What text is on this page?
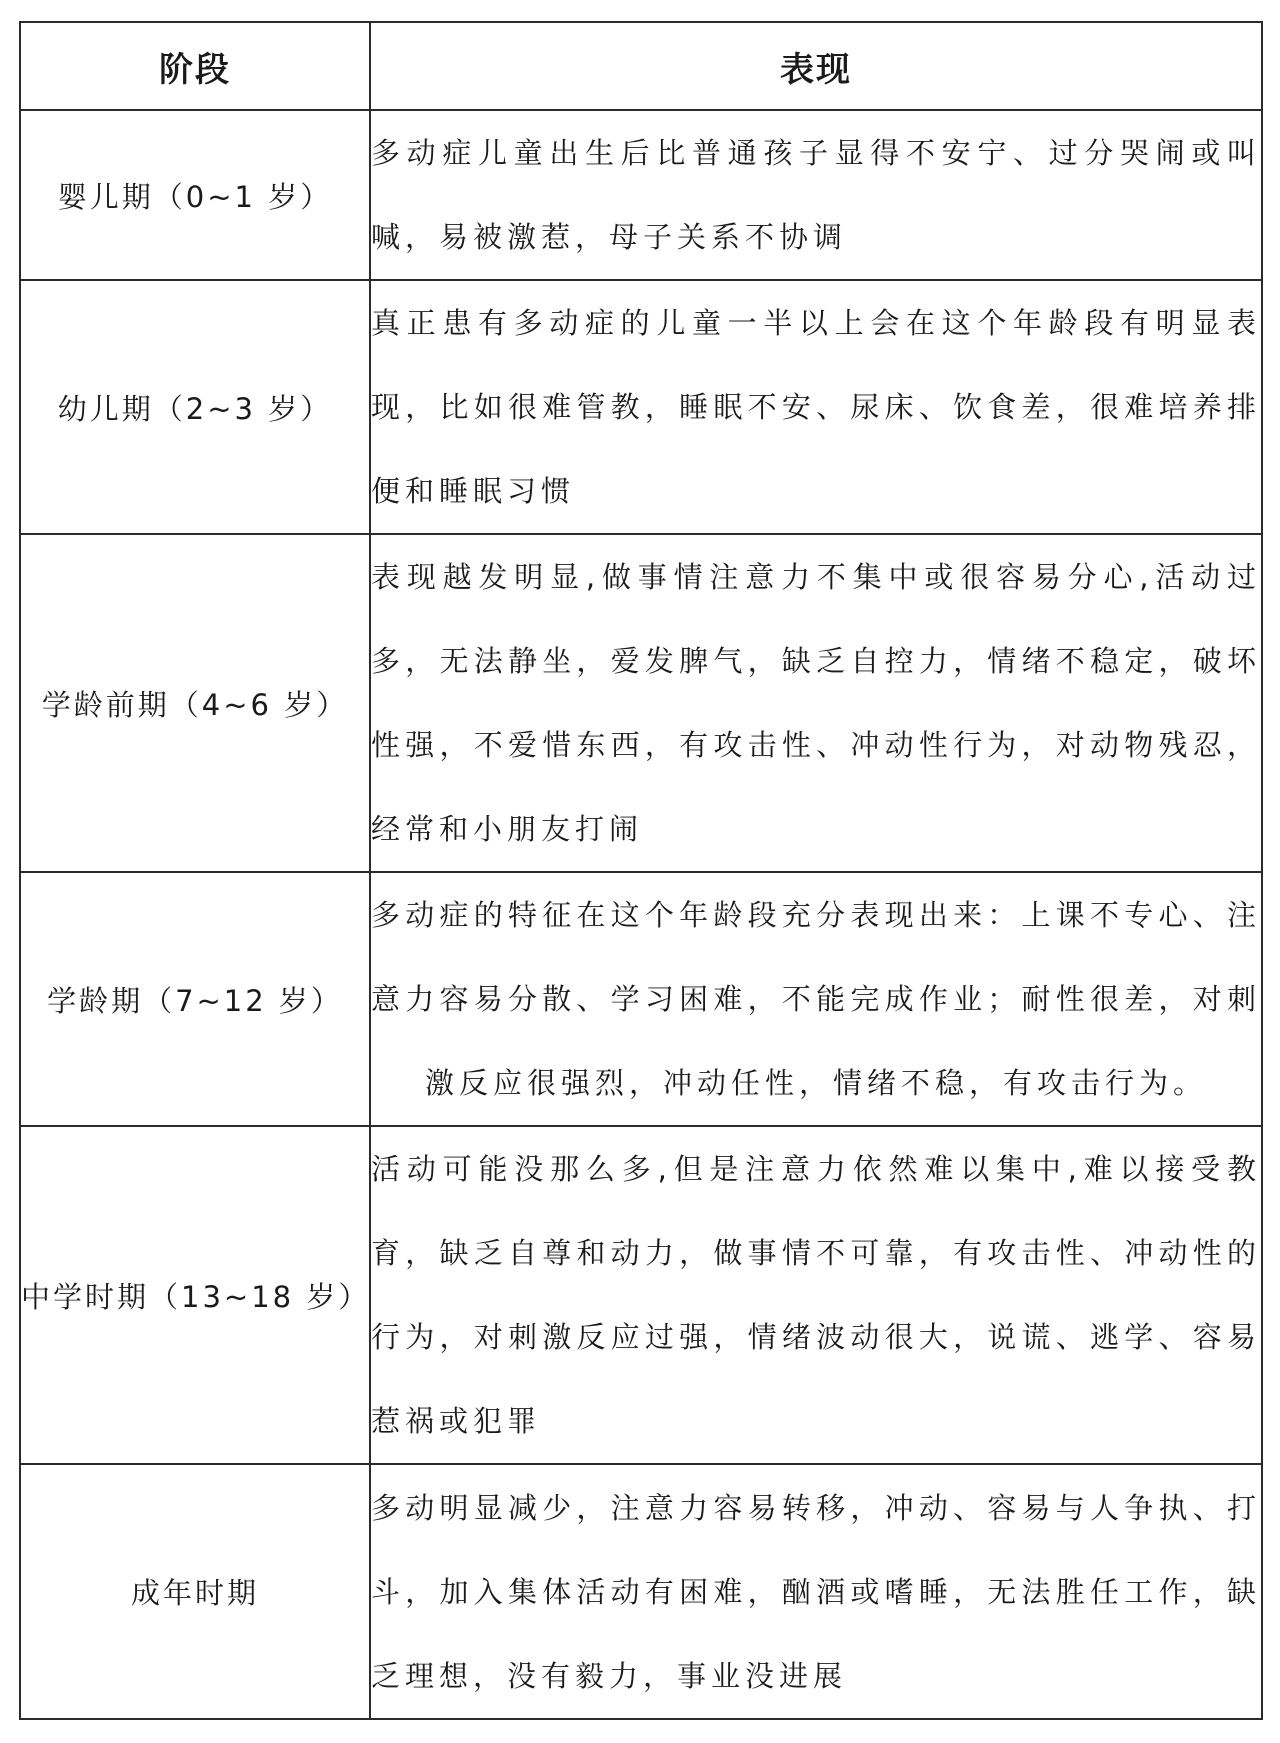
阶段	表现
婴儿期（0~1 岁）	多动症儿童出生后比普通孩子显得不安宁、过分哭闹或叫喊，易被激惹，母子关系不协调

幼儿期（2~3 岁）	真正患有多动症的儿童一半以上会在这个年龄段有明显表现，比如很难管教，睡眠不安、尿床、饮食差，很难培养排便和睡眠习惯

学龄前期（4~6 岁）	表现越发明显,做事情注意力不集中或很容易分心,活动过多，无法静坐，爱发脾气，缺乏自控力，情绪不稳定，破坏性强，不爱惜东西，有攻击性、冲动性行为，对动物残忍，经常和小朋友打闹

学龄期（7~12 岁）	多动症的特征在这个年龄段充分表现出来：上课不专心、注意力容易分散、学习困难，不能完成作业；耐性很差，对刺激反应很强烈，冲动任性，情绪不稳，有攻击行为。

中学时期（13~18 岁）	活动可能没那么多,但是注意力依然难以集中,难以接受教育，缺乏自尊和动力，做事情不可靠，有攻击性、冲动性的行为，对刺激反应过强，情绪波动很大，说谎、逃学、容易惹祸或犯罪

成年时期	多动明显减少，注意力容易转移，冲动、容易与人争执、打斗，加入集体活动有困难，酗酒或嗜睡，无法胜任工作，缺乏理想，没有毅力，事业没进展
